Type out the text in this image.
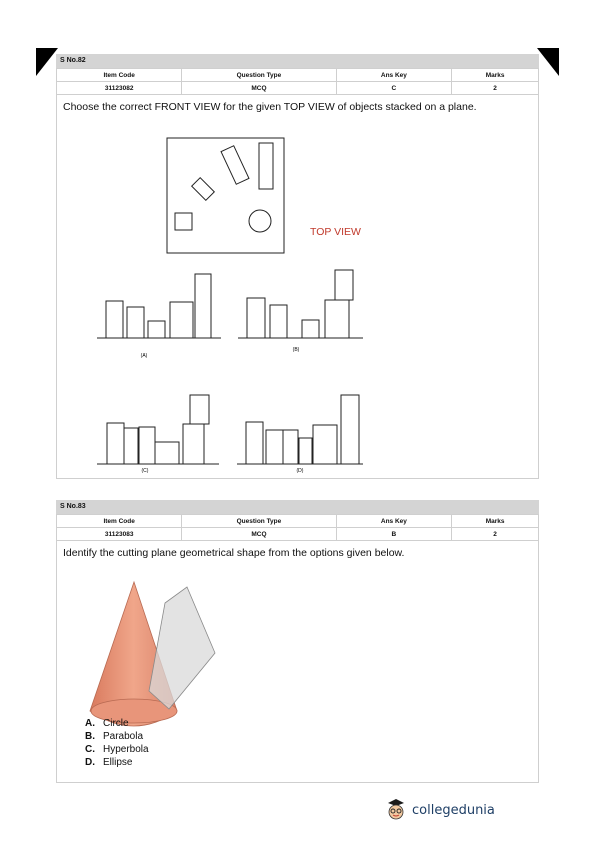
S No.82
Item Code	Question Type	Ans Key	Marks
31123082	MCQ	C	2
Choose the correct FRONT VIEW for the given TOP VIEW of objects stacked on a plane.
TOP VIEW
(A)
(B)
(C)	(D)
S No.83
Item Code	Question Type	Ans Key	Marks
31123083	MCQ	B	2
Identify the cutting plane geometrical shape from the options given below.
A. Circle
B. Parabola
C. Hyperbola
D. Ellipse
collegedunia
